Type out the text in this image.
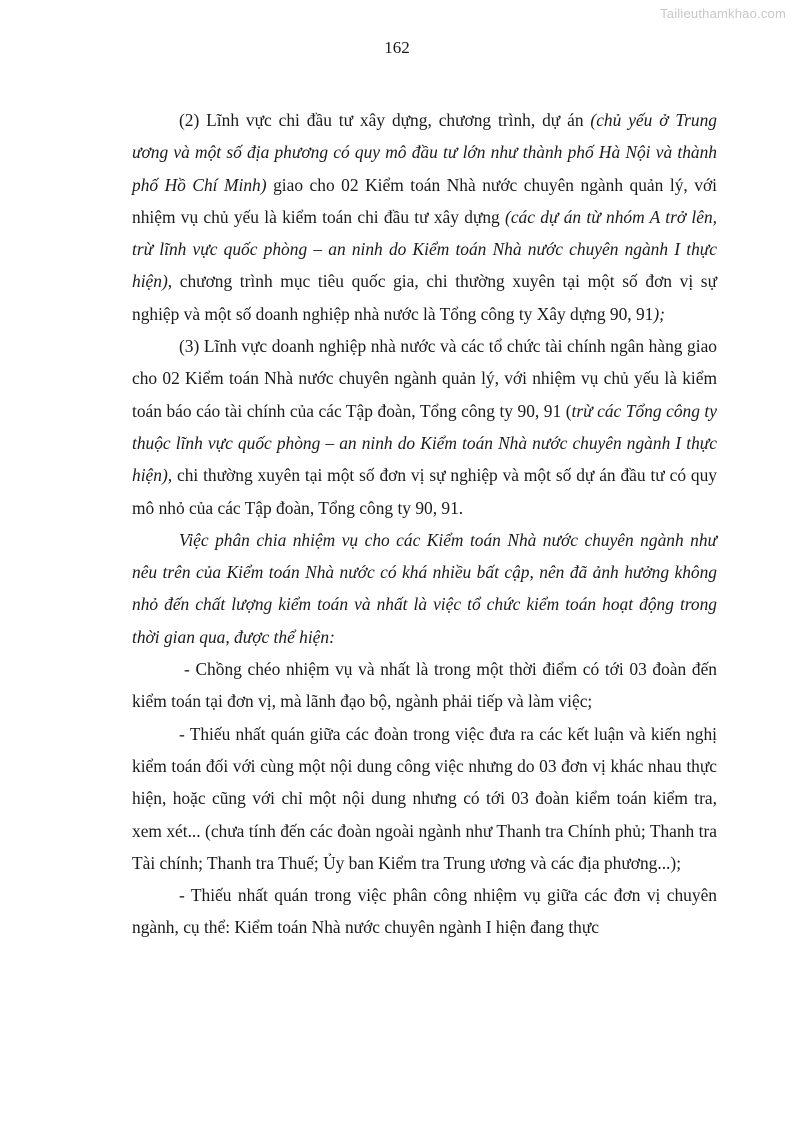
Tailieuthamkhao.com
162

(2) Lĩnh vực chi đầu tư xây dựng, chương trình, dự án (chủ yếu ở Trung ương và một số địa phương có quy mô đầu tư lớn như thành phố Hà Nội và thành phố Hồ Chí Minh) giao cho 02 Kiểm toán Nhà nước chuyên ngành quản lý, với nhiệm vụ chủ yếu là kiểm toán chi đầu tư xây dựng (các dự án từ nhóm A trở lên, trừ lĩnh vực quốc phòng – an ninh do Kiểm toán Nhà nước chuyên ngành I thực hiện), chương trình mục tiêu quốc gia, chi thường xuyên tại một số đơn vị sự nghiệp và một số doanh nghiệp nhà nước là Tổng công ty Xây dựng 90, 91);

(3) Lĩnh vực doanh nghiệp nhà nước và các tổ chức tài chính ngân hàng giao cho 02 Kiểm toán Nhà nước chuyên ngành quản lý, với nhiệm vụ chủ yếu là kiểm toán báo cáo tài chính của các Tập đoàn, Tổng công ty 90, 91 (trừ các Tổng công ty thuộc lĩnh vực quốc phòng – an ninh do Kiểm toán Nhà nước chuyên ngành I thực hiện), chi thường xuyên tại một số đơn vị sự nghiệp và một số dự án đầu tư có quy mô nhỏ của các Tập đoàn, Tổng công ty 90, 91.

Việc phân chia nhiệm vụ cho các Kiểm toán Nhà nước chuyên ngành như nêu trên của Kiểm toán Nhà nước có khá nhiều bất cập, nên đã ảnh hưởng không nhỏ đến chất lượng kiểm toán và nhất là việc tổ chức kiểm toán hoạt động trong thời gian qua, được thể hiện:

- Chồng chéo nhiệm vụ và nhất là trong một thời điểm có tới 03 đoàn đến kiểm toán tại đơn vị, mà lãnh đạo bộ, ngành phải tiếp và làm việc;

- Thiếu nhất quán giữa các đoàn trong việc đưa ra các kết luận và kiến nghị kiểm toán đối với cùng một nội dung công việc nhưng do 03 đơn vị khác nhau thực hiện, hoặc cũng với chỉ một nội dung nhưng có tới 03 đoàn kiểm toán kiểm tra, xem xét... (chưa tính đến các đoàn ngoài ngành như Thanh tra Chính phủ; Thanh tra Tài chính; Thanh tra Thuế; Ủy ban Kiểm tra Trung ương và các địa phương...);

- Thiếu nhất quán trong việc phân công nhiệm vụ giữa các đơn vị chuyên ngành, cụ thể: Kiểm toán Nhà nước chuyên ngành I hiện đang thực
